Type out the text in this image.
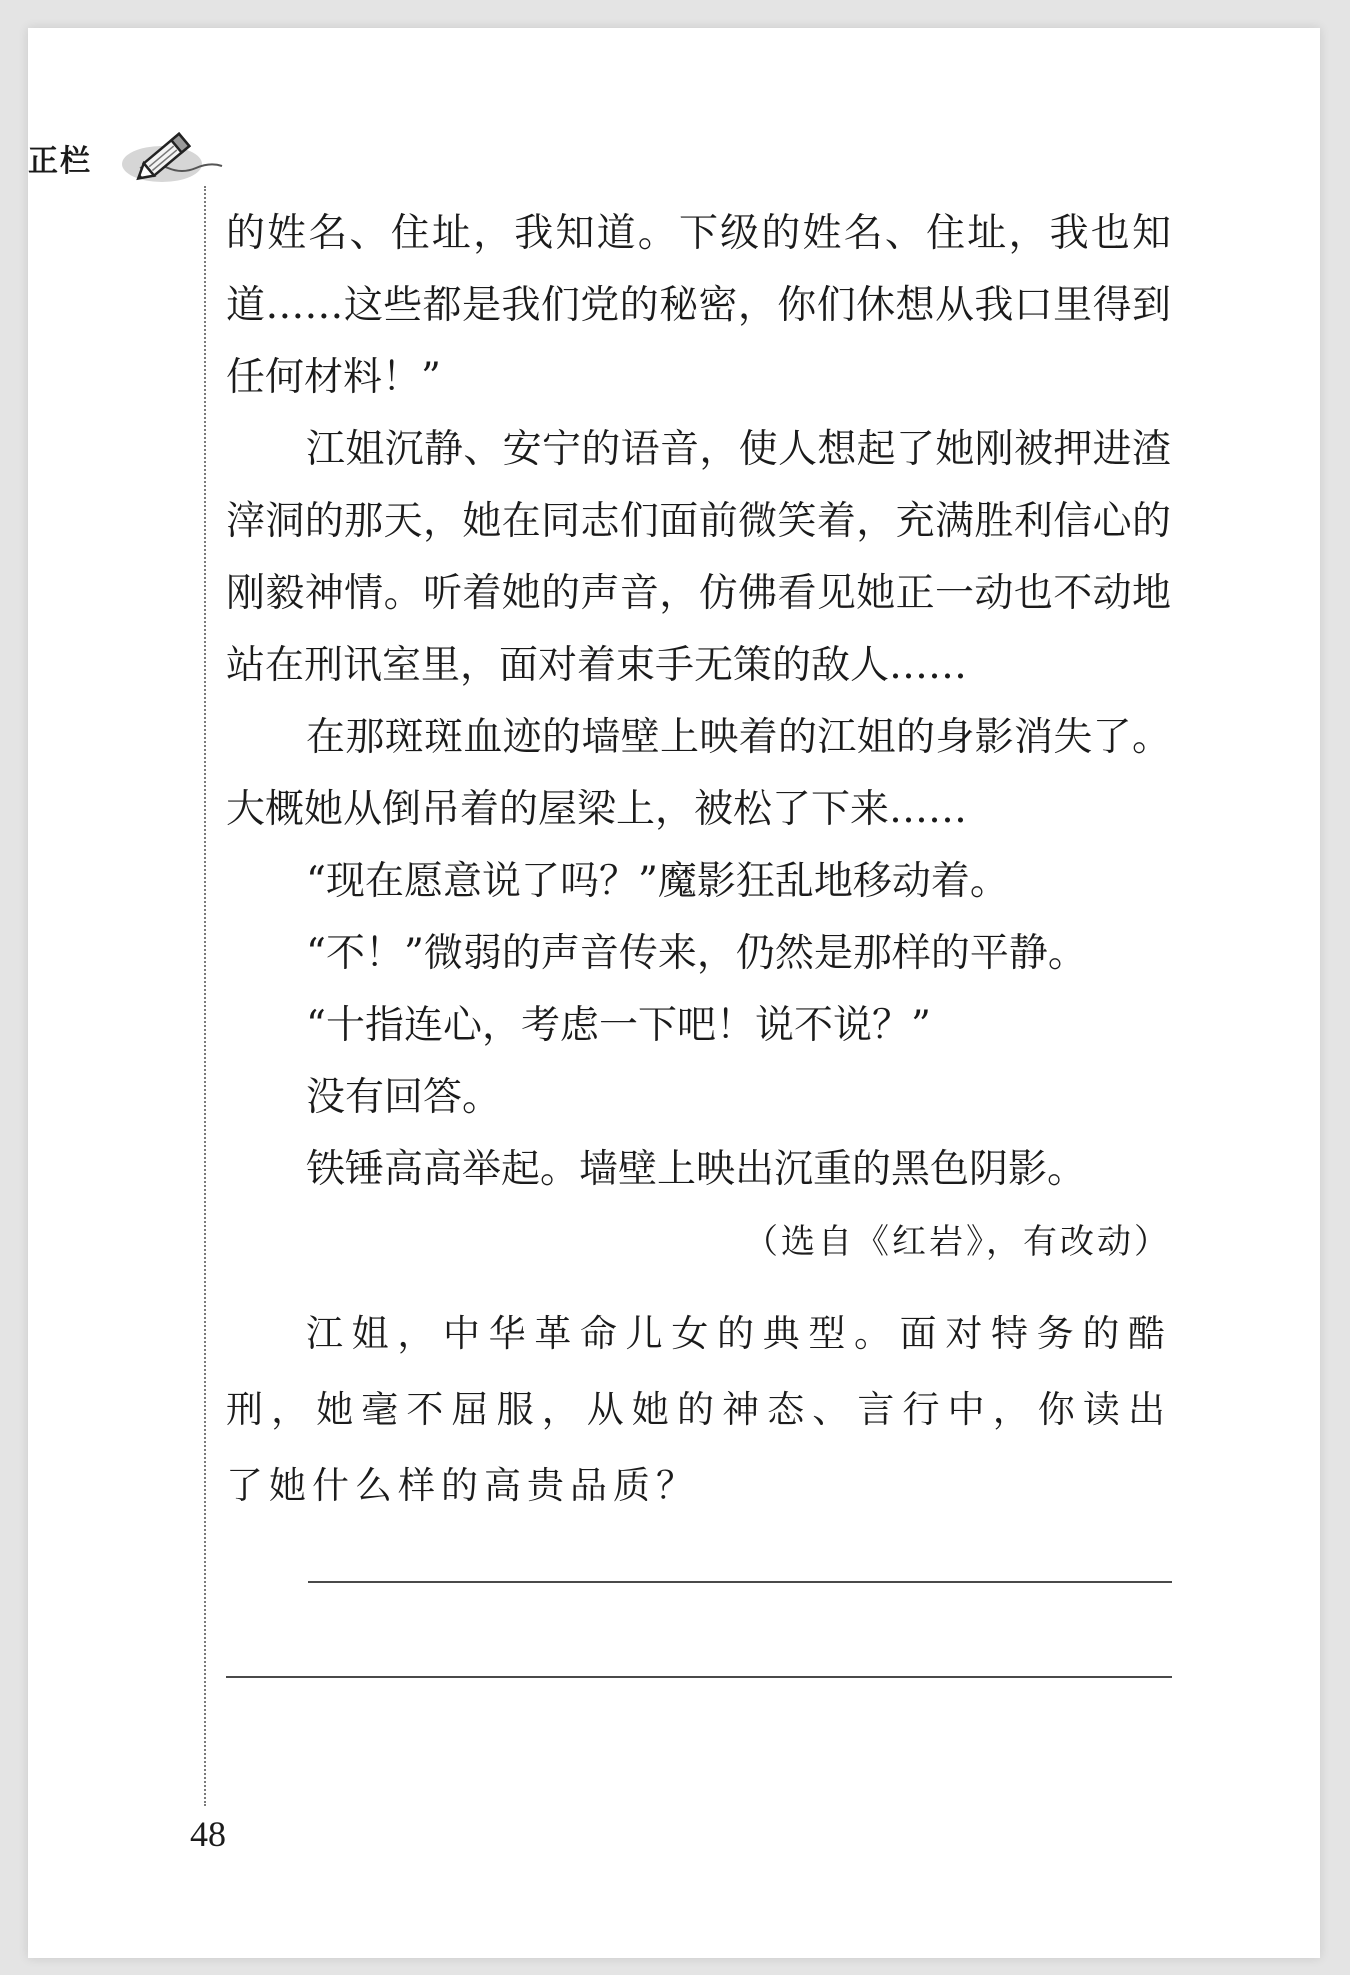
正栏

的姓名、住址，我知道。下级的姓名、住址，我也知道……这些都是我们党的秘密，你们休想从我口里得到任何材料！”

江姐沉静、安宁的语音，使人想起了她刚被押进渣滓洞的那天，她在同志们面前微笑着，充满胜利信心的刚毅神情。听着她的声音，仿佛看见她正一动也不动地站在刑讯室里，面对着束手无策的敌人……

在那斑斑血迹的墙壁上映着的江姐的身影消失了。大概她从倒吊着的屋梁上，被松了下来……

“现在愿意说了吗？”魔影狂乱地移动着。

“不！”微弱的声音传来，仍然是那样的平静。

“十指连心，考虑一下吧！说不说？”

没有回答。

铁锤高高举起。墙壁上映出沉重的黑色阴影。

（选自《红岩》，有改动）

江姐，中华革命儿女的典型。面对特务的酷刑，她毫不屈服，从她的神态、言行中，你读出了她什么样的高贵品质？

48
